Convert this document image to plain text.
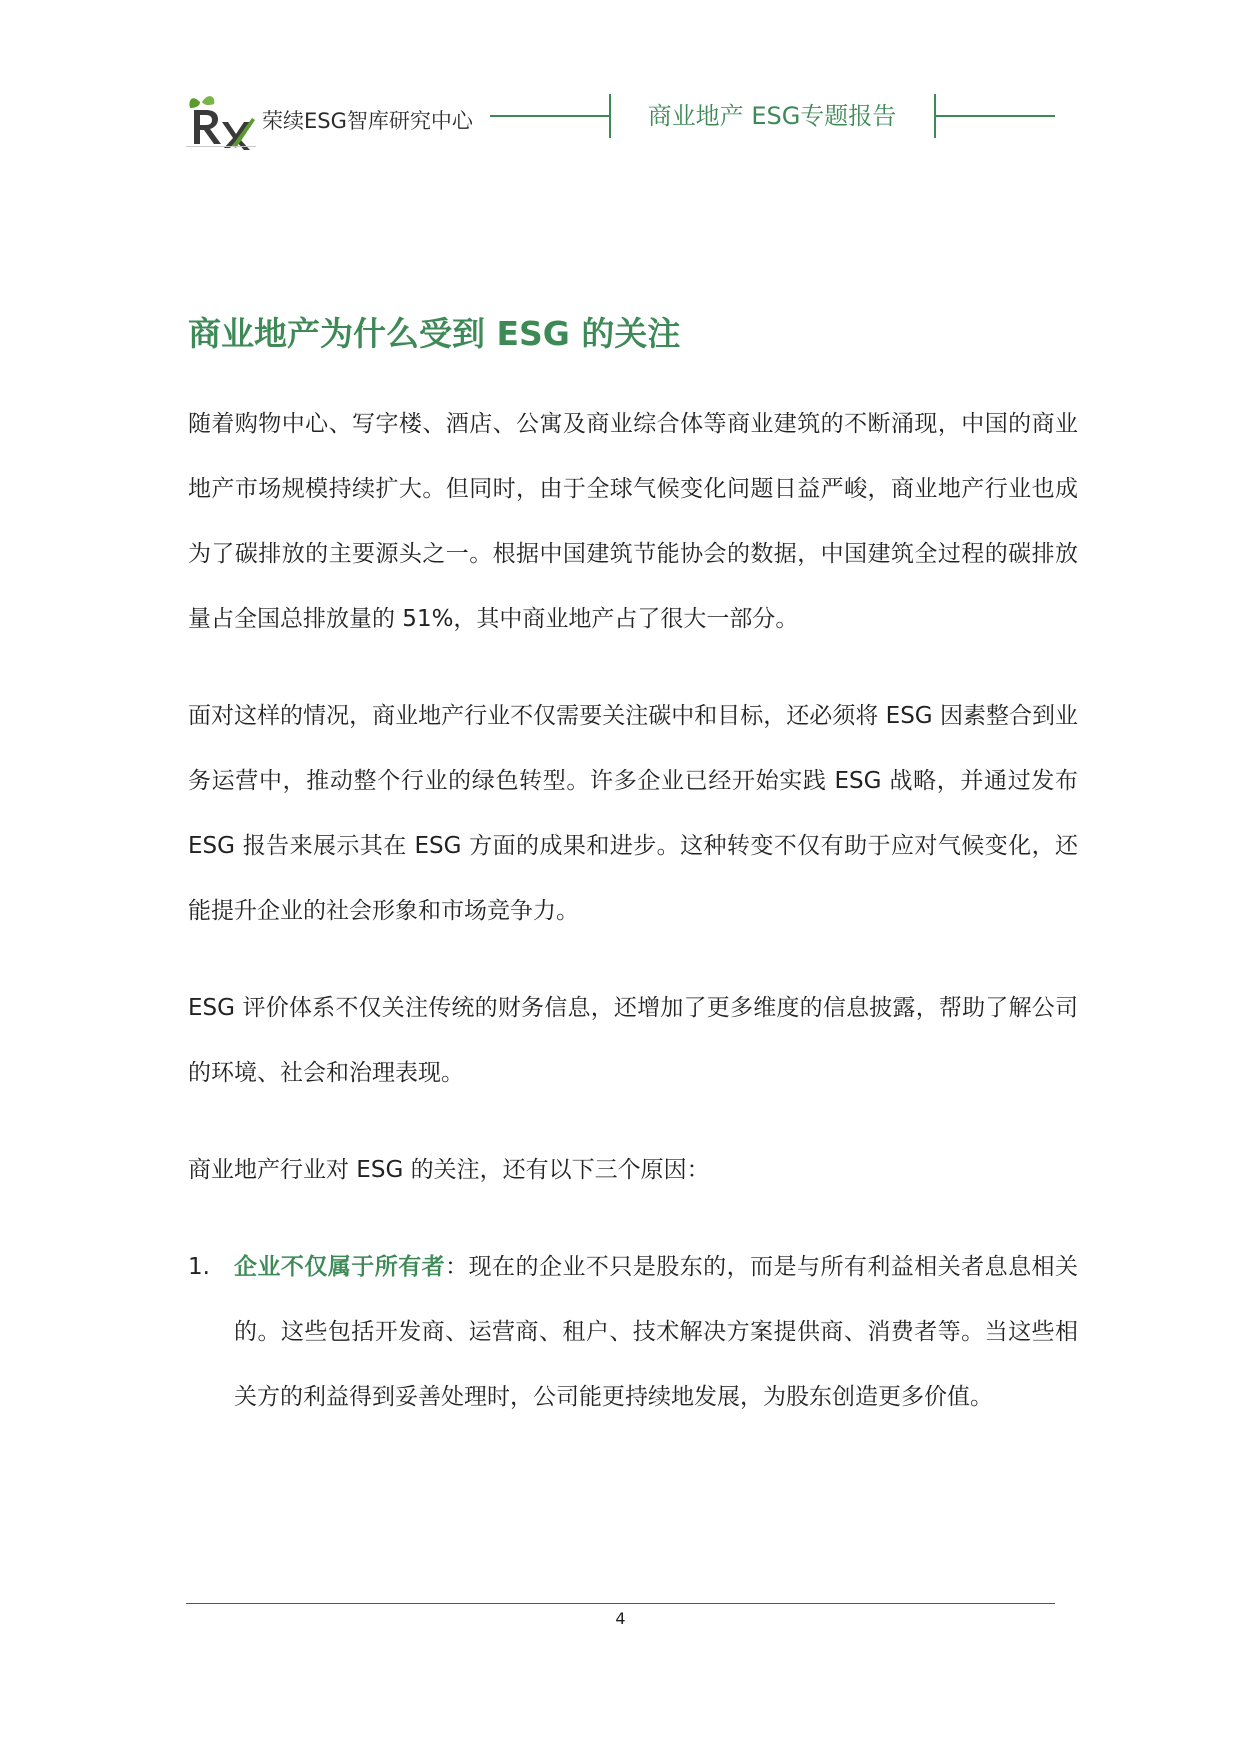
荣续ESG智库研究中心	商业地产 ESG专题报告
商业地产为什么受到 ESG 的关注

随着购物中心、写字楼、酒店、公寓及商业综合体等商业建筑的不断涌现，中国的商业地产市场规模持续扩大。但同时，由于全球气候变化问题日益严峻，商业地产行业也成为了碳排放的主要源头之一。根据中国建筑节能协会的数据，中国建筑全过程的碳排放量占全国总排放量的 51%，其中商业地产占了很大一部分。

面对这样的情况，商业地产行业不仅需要关注碳中和目标，还必须将 ESG 因素整合到业务运营中，推动整个行业的绿色转型。许多企业已经开始实践 ESG 战略，并通过发布 ESG 报告来展示其在 ESG 方面的成果和进步。这种转变不仅有助于应对气候变化，还能提升企业的社会形象和市场竞争力。

ESG 评价体系不仅关注传统的财务信息，还增加了更多维度的信息披露，帮助了解公司的环境、社会和治理表现。

商业地产行业对 ESG 的关注，还有以下三个原因：

1. 企业不仅属于所有者：现在的企业不只是股东的，而是与所有利益相关者息息相关的。这些包括开发商、运营商、租户、技术解决方案提供商、消费者等。当这些相关方的利益得到妥善处理时，公司能更持续地发展，为股东创造更多价值。
4
